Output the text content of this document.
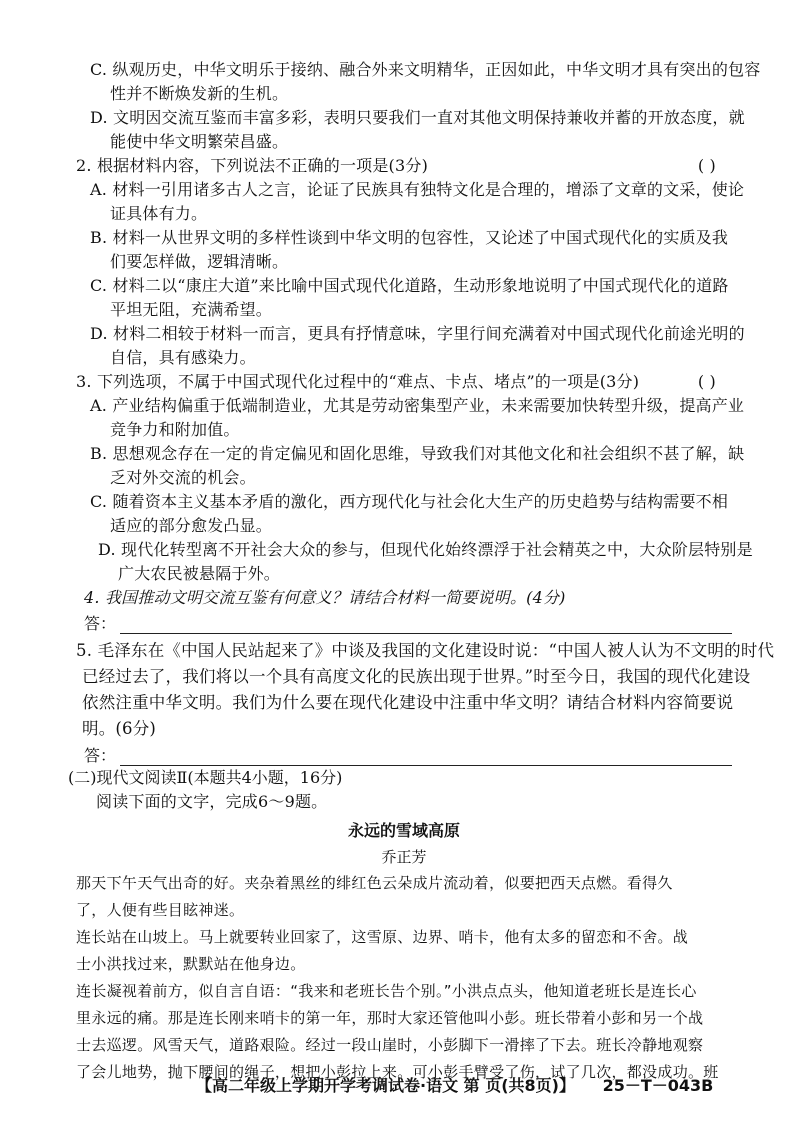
C. 纵观历史，中华文明乐于接纳、融合外来文明精华，正因如此，中华文明才具有突出的包容
性并不断焕发新的生机。
D. 文明因交流互鉴而丰富多彩，表明只要我们一直对其他文明保持兼收并蓄的开放态度，就
能使中华文明繁荣昌盛。
2. 根据材料内容，下列说法不正确的一项是(3分)	( )
A. 材料一引用诸多古人之言，论证了民族具有独特文化是合理的，增添了文章的文采，使论
证具体有力。
B. 材料一从世界文明的多样性谈到中华文明的包容性，又论述了中国式现代化的实质及我
们要怎样做，逻辑清晰。
C. 材料二以“康庄大道”来比喻中国式现代化道路，生动形象地说明了中国式现代化的道路
平坦无阻，充满希望。
D. 材料二相较于材料一而言，更具有抒情意味，字里行间充满着对中国式现代化前途光明的
自信，具有感染力。
3. 下列选项，不属于中国式现代化过程中的“难点、卡点、堵点”的一项是(3分)	( )
A. 产业结构偏重于低端制造业，尤其是劳动密集型产业，未来需要加快转型升级，提高产业
竞争力和附加值。
B. 思想观念存在一定的肯定偏见和固化思维，导致我们对其他文化和社会组织不甚了解，缺
乏对外交流的机会。
C. 随着资本主义基本矛盾的激化，西方现代化与社会化大生产的历史趋势与结构需要不相
适应的部分愈发凸显。
D. 现代化转型离不开社会大众的参与，但现代化始终漂浮于社会精英之中，大众阶层特别是
广大农民被悬隔于外。
4. 我国推动文明交流互鉴有何意义？请结合材料一简要说明。(4分)
答：
5. 毛泽东在《中国人民站起来了》中谈及我国的文化建设时说：“中国人被人认为不文明的时代
已经过去了，我们将以一个具有高度文化的民族出现于世界。”时至今日，我国的现代化建设
依然注重中华文明。我们为什么要在现代化建设中注重中华文明？请结合材料内容简要说
明。(6分)
答：
(二)现代文阅读Ⅱ(本题共4小题，16分)
阅读下面的文字，完成6～9题。
永远的雪域高原
乔正芳
那天下午天气出奇的好。夹杂着黑丝的绯红色云朵成片流动着，似要把西天点燃。看得久
了，人便有些目眩神迷。
连长站在山坡上。马上就要转业回家了，这雪原、边界、哨卡，他有太多的留恋和不舍。战
士小洪找过来，默默站在他身边。
连长凝视着前方，似自言自语：“我来和老班长告个别。”小洪点点头，他知道老班长是连长心
里永远的痛。那是连长刚来哨卡的第一年，那时大家还管他叫小彭。班长带着小彭和另一个战
士去巡逻。风雪天气，道路艰险。经过一段山崖时，小彭脚下一滑摔了下去。班长冷静地观察
了会儿地势，抛下腰间的绳子，想把小彭拉上来。可小彭手臂受了伤，试了几次，都没成功。班
【高二年级上学期开学考调试卷·语文 第 页(共8页)】 25－T－043B
